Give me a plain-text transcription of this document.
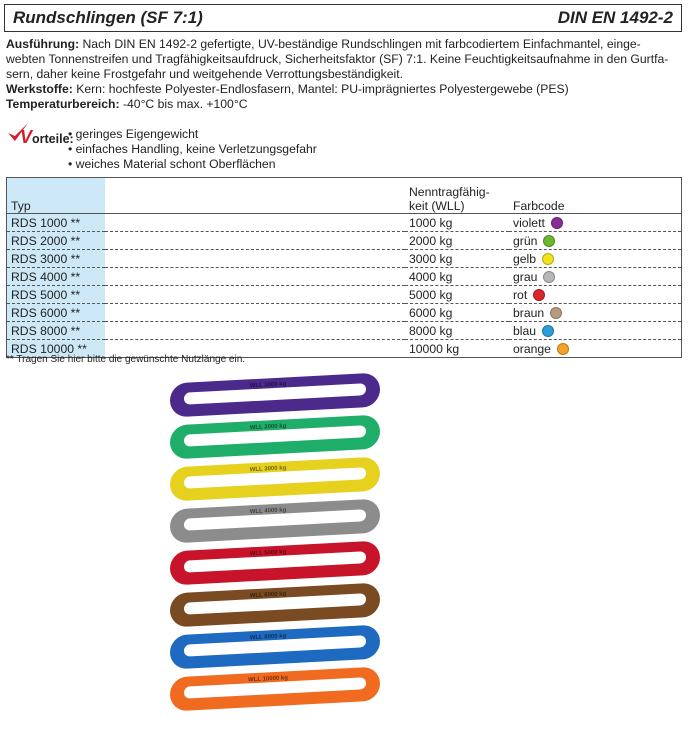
Rundschlingen (SF 7:1)	DIN EN 1492-2
Ausführung: Nach DIN EN 1492-2 gefertigte, UV-beständige Rundschlingen mit farbcodiertem Einfachmantel, einge-
webten Tonnenstreifen und Tragfähigkeitsaufdruck, Sicherheitsfaktor (SF) 7:1. Keine Feuchtigkeitsaufnahme in den Gurtfa-
sern, daher keine Frostgefahr und weitgehende Verrottungsbeständigkeit.
Werkstoffe: Kern: hochfeste Polyester-Endlosfasern, Mantel: PU-imprägniertes Polyestergewebe (PES)
Temperaturbereich: -40°C bis max. +100°C
Vorteile:
• geringes Eigengewicht
• einfaches Handling, keine Verletzungsgefahr
• weiches Material schont Oberflächen
Typ		Nenntragfähig-
keit (WLL)	Farbcode
RDS 1000 **		1000 kg	violett
RDS 2000 **		2000 kg	grün
RDS 3000 **		3000 kg	gelb
RDS 4000 **		4000 kg	grau
RDS 5000 **		5000 kg	rot
RDS 6000 **		6000 kg	braun
RDS 8000 **		8000 kg	blau
RDS 10000 **		10000 kg	orange
** Tragen Sie hier bitte die gewünschte Nutzlänge ein.
WLL 1000 kg
WLL 2000 kg
WLL 3000 kg
WLL 4000 kg
WLL 5000 kg
WLL 6000 kg
WLL 8000 kg
WLL 10000 kg
